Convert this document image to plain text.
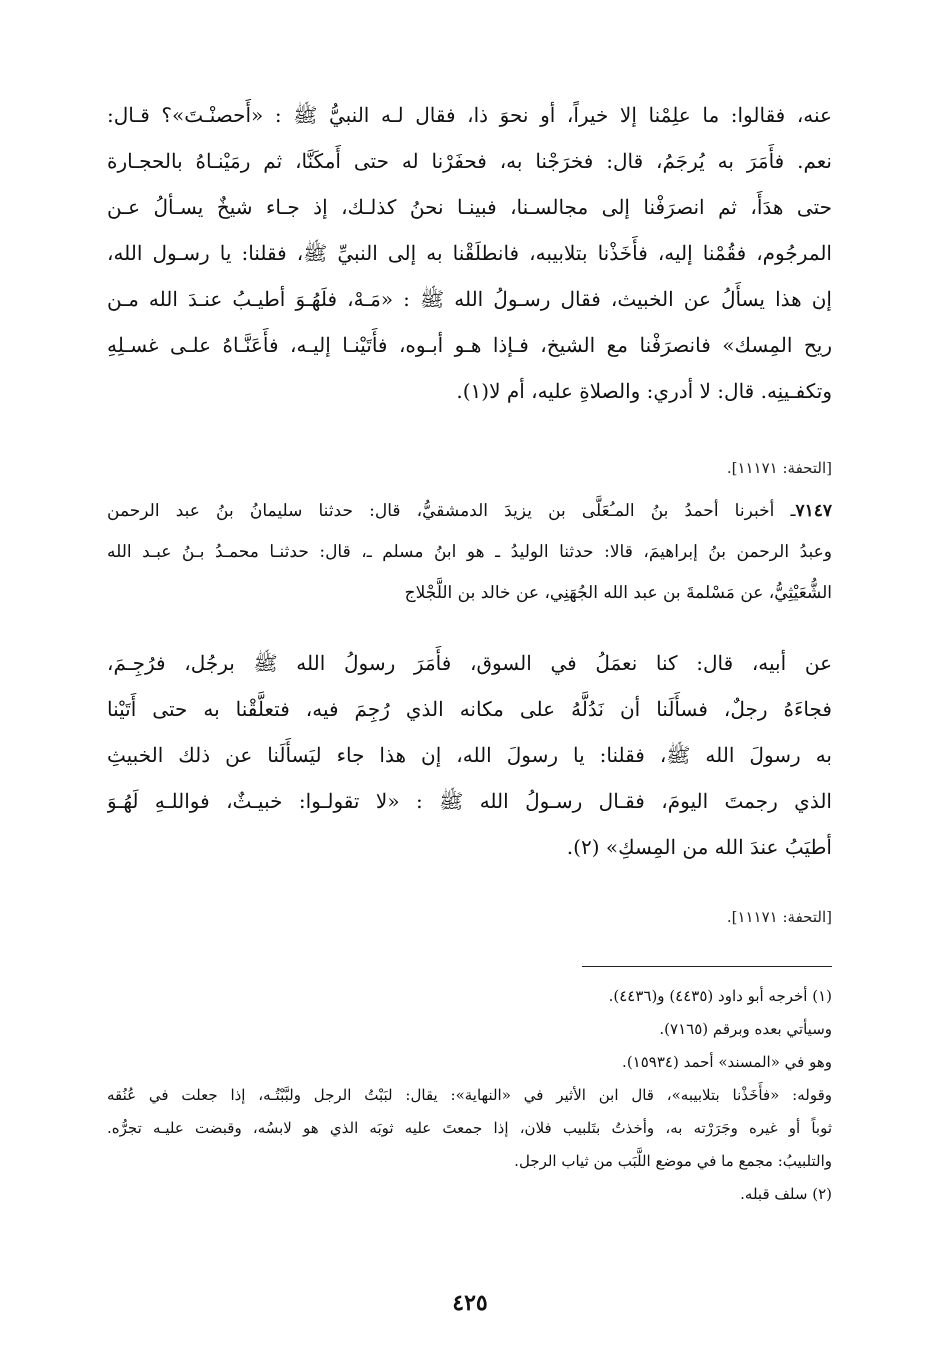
عنه، فقالوا: ما علِمْنا إلا خيراً، أو نحوَ ذا، فقال لـه النبيُّ ﷺ : «أَحصنْـتَ»؟ قـال:
نعم. فأَمَرَ به يُرجَمُ، قال: فخرَجْنا به، فحفَرْنا له حتى أَمكَنَّا، ثم رمَيْنـاهُ بالحجـارة
حتى هدَأَ، ثم انصرَفْنا إلى مجالسـنا، فبينـا نحنُ كذلـك، إذ جـاء شيخٌ يسـألُ عـن
المرجُوم، فقُمْنا إليه، فأَخَذْنا بتلابيبه، فانطلَقْنا به إلى النبيِّ ﷺ، فقلنا: يا رسـول الله،
إن هذا يسأَلُ عن الخبيث، فقال رسـولُ الله ﷺ : «مَـهْ، فلَهُـوَ أطيـبُ عنـدَ الله مـن
ريح المِسك» فانصرَفْنا مع الشيخ، فـإذا هـو أبـوه، فأَتَيْنـا إليـه، فأَعَنَّـاهُ علـى غسـلِهِ
وتكفـينِه. قال: لا أدري: والصلاةِ عليه، أم لا(١).
[التحفة: ١١١٧١].
٧١٤٧ـ أخبرنا أحمدُ بنُ المـُعَلَّى بن يزيدَ الدمشقيُّ، قال: حدثنا سليمانُ بنُ عبد الرحمن
وعبدُ الرحمن بنُ إبراهيمَ، قالا: حدثنا الوليدُ ـ هو ابنُ مسلم ـ، قال: حدثنـا محمـدُ بـنُ عبـد الله
الشُّعَيْثِيُّ، عن مَسْلمةَ بن عبد الله الجُهَنِي، عن خالد بن اللَّجْلاج
عن أبيه، قال: كنا نعمَلُ في السوق، فأَمَرَ رسولُ الله ﷺ برجُل، فرُجِـمَ،
فجاءَهُ رجلٌ، فسأَلَنا أن نَدُلَّهُ على مكانه الذي رُجِمَ فيه، فتعلَّقْنا به حتى أَتَيْنا
به رسولَ الله ﷺ، فقلنا: يا رسولَ الله، إن هذا جاء ليَسأَلَنا عن ذلك الخبيثِ
الذي رجمتَ اليومَ، فقـال رسـولُ الله ﷺ : «لا تقولـوا: خبيـثٌ، فواللـهِ لَهُـوَ
أطيَبُ عندَ الله من المِسكِ» (٢).
[التحفة: ١١١٧١].
(١) أخرجه أبو داود (٤٤٣٥) و(٤٤٣٦).
وسيأتي بعده وبرقم (٧١٦٥).
وهو في «المسند» أحمد (١٥٩٣٤).
وقوله: «فأَخَذْنا بتلابيبه»، قال ابن الأثير في «النهاية»: يقال: لبَبْتُ الرجل ولبَّبْتُـه، إذا جعلت في عُنُقه
ثوباً أو غيره وجَرَرْته به، وأخذتُ بتَلبيب فلان، إذا جمعتَ عليه ثوبَه الذي هو لابسُه، وقبضت عليـه تجرُّه.
والتلبيبُ: مجمع ما في موضع اللَّبَب من ثياب الرجل.
(٢) سلف قبله.
٤٢٥
